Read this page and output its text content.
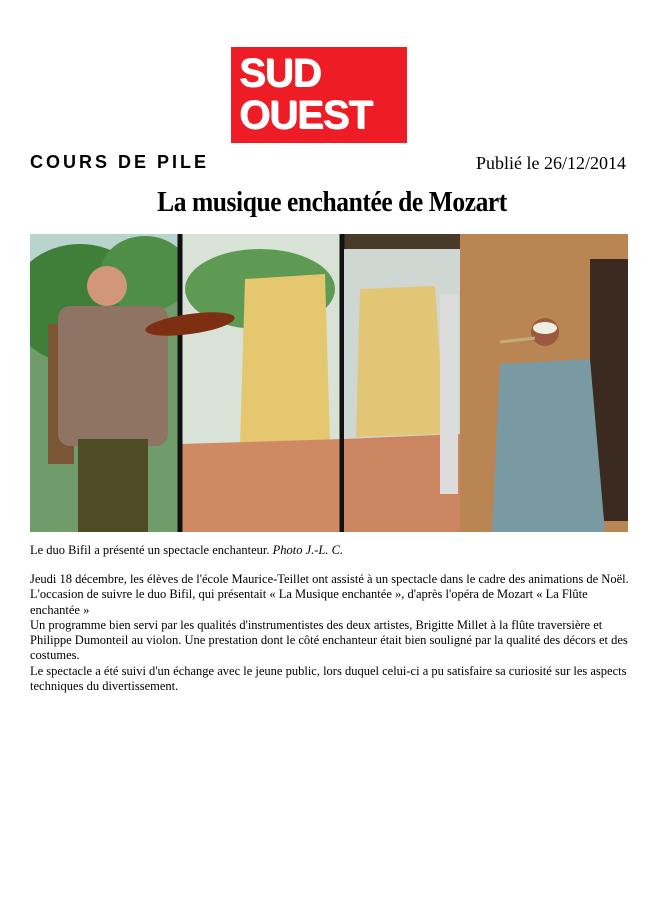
SUD
OUEST
COURS DE PILE	Publié le 26/12/2014
La musique enchantée de Mozart
Le duo Bifil a présenté un spectacle enchanteur. Photo J.-L. C.

Jeudi 18 décembre, les élèves de l'école Maurice-Teillet ont assisté à un spectacle dans le cadre des animations de Noël.

L'occasion de suivre le duo Bifil, qui présentait « La Musique enchantée », d'après l'opéra de Mozart « La Flûte enchantée »

Un programme bien servi par les qualités d'instrumentistes des deux artistes, Brigitte Millet à la flûte traversière et Philippe Dumonteil au violon. Une prestation dont le côté enchanteur était bien souligné par la qualité des décors et des costumes.

Le spectacle a été suivi d'un échange avec le jeune public, lors duquel celui-ci a pu satisfaire sa curiosité sur les aspects techniques du divertissement.
